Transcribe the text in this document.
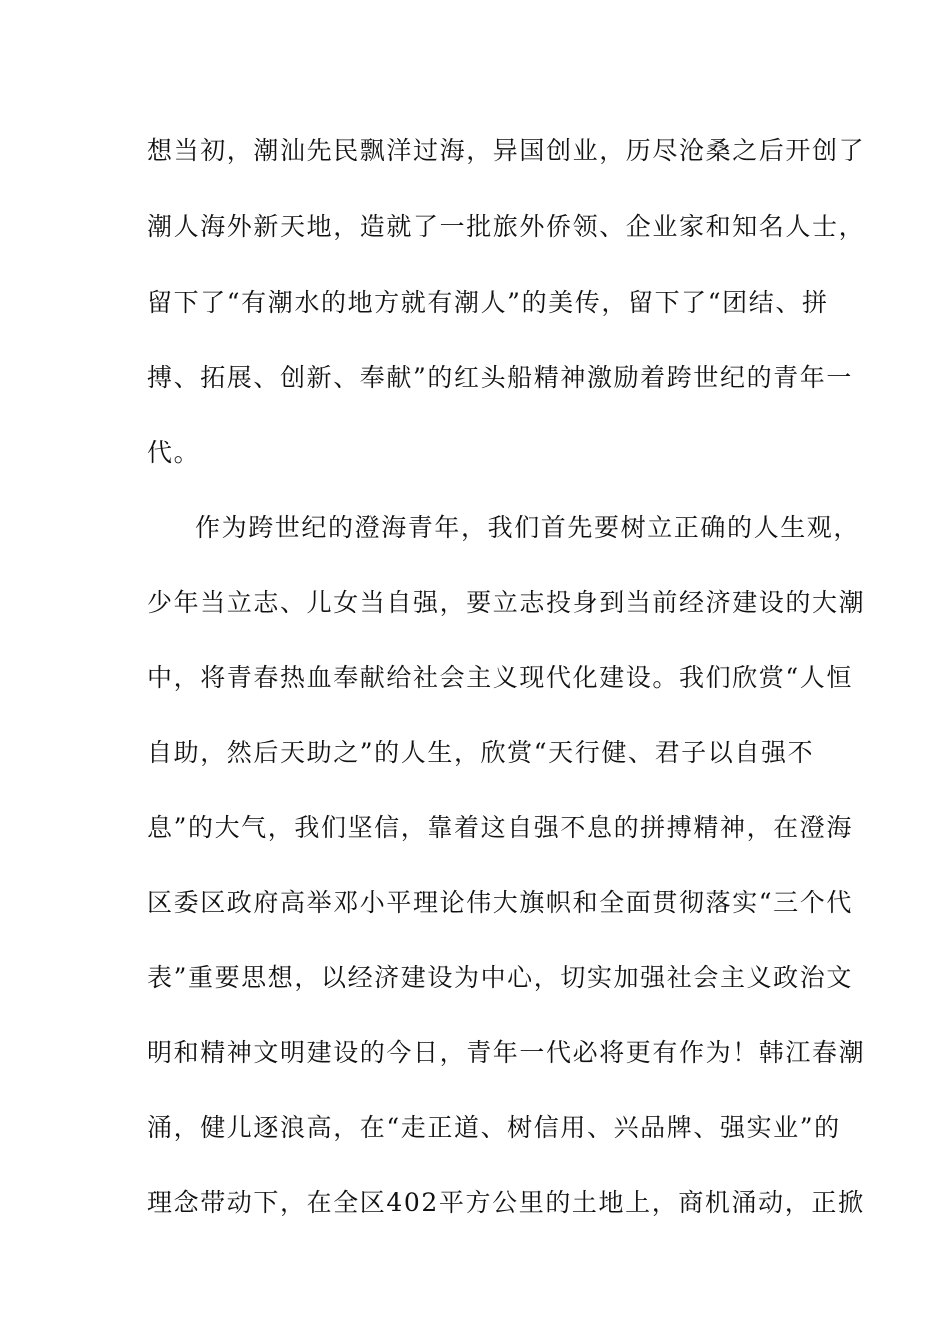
想当初，潮汕先民飘洋过海，异国创业，历尽沧桑之后开创了
潮人海外新天地，造就了一批旅外侨领、企业家和知名人士，
留下了“有潮水的地方就有潮人”的美传，留下了“团结、拼
搏、拓展、创新、奉献”的红头船精神激励着跨世纪的青年一
代。
作为跨世纪的澄海青年，我们首先要树立正确的人生观，
少年当立志、儿女当自强，要立志投身到当前经济建设的大潮
中，将青春热血奉献给社会主义现代化建设。我们欣赏“人恒
自助，然后天助之”的人生，欣赏“天行健、君子以自强不
息”的大气，我们坚信，靠着这自强不息的拼搏精神，在澄海
区委区政府高举邓小平理论伟大旗帜和全面贯彻落实“三个代
表”重要思想，以经济建设为中心，切实加强社会主义政治文
明和精神文明建设的今日，青年一代必将更有作为！韩江春潮
涌，健儿逐浪高，在“走正道、树信用、兴品牌、强实业”的
理念带动下，在全区402平方公里的土地上，商机涌动，正掀
